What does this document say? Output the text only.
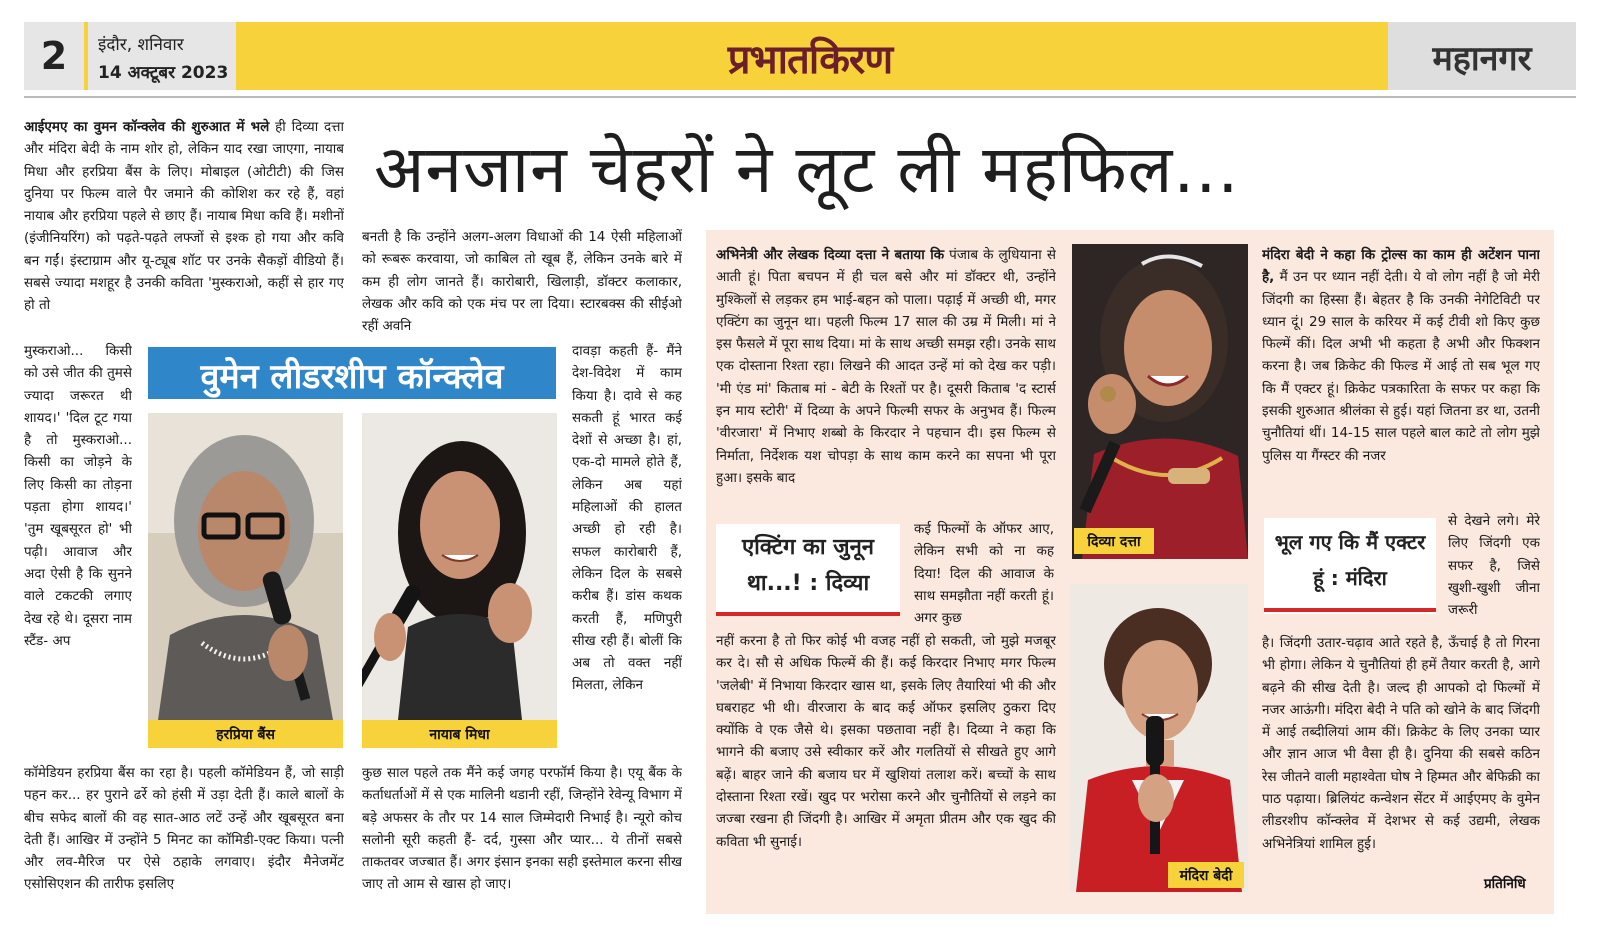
2	इंदौर, शनिवार
14 अक्टूबर 2023	प्रभातकिरण	महानगर
अनजान चेहरों ने लूट ली महफिल...

आईएमए का वुमन कॉन्क्लेव की शुरुआत में भले ही दिव्या दत्ता और मंदिरा बेदी के नाम शोर हो, लेकिन याद रखा जाएगा, नायाब मिधा और हरप्रिया बैंस के लिए। मोबाइल (ओटीटी) की जिस दुनिया पर फिल्म वाले पैर जमाने की कोशिश कर रहे हैं, वहां नायाब और हरप्रिया पहले से छाए हैं। नायाब मिधा कवि हैं। मशीनों (इंजीनियरिंग) को पढ़ते-पढ़ते लफ्जों से इश्क हो गया और कवि बन गईं। इंस्टाग्राम और यू-ट्यूब शॉट पर उनके सैकड़ों वीडियो हैं। सबसे ज्यादा मशहूर है उनकी कविता 'मुस्कराओ, कहीं से हार गए हो तो

मुस्कराओ... किसी को उसे जीत की तुमसे ज्यादा जरूरत थी शायद।' 'दिल टूट गया है तो मुस्कराओ... किसी का जोड़ने के लिए किसी का तोड़ना पड़ता होगा शायद।' 'तुम खूबसूरत हो' भी पढ़ी। आवाज और अदा ऐसी है कि सुनने वाले टकटकी लगाए देख रहे थे। दूसरा नाम स्टैंड- अप
कॉमेडियन हरप्रिया बैंस का रहा है। पहली कॉमेडियन हैं, जो साड़ी पहन कर... हर पुराने ढर्रे को हंसी में उड़ा देती हैं। काले बालों के बीच सफेद बालों की वह सात-आठ लटें उन्हें और खूबसूरत बना देती हैं। आखिर में उन्होंने 5 मिनट का कॉमिडी-एक्ट किया। पत्नी और लव-मैरिज पर ऐसे ठहाके लगवाए। इंदौर मैनेजमेंट एसोसिएशन की तारीफ इसलिए
बनती है कि उन्होंने अलग-अलग विधाओं की 14 ऐसी महिलाओं को रूबरू करवाया, जो काबिल तो खूब हैं, लेकिन उनके बारे में कम ही लोग जानते हैं। कारोबारी, खिलाड़ी, डॉक्टर कलाकार, लेखक और कवि को एक मंच पर ला दिया। स्टारबक्स की सीईओ रहीं अवनि
दावड़ा कहती हैं- मैंने देश-विदेश में काम किया है। दावे से कह सकती हूं भारत कई देशों से अच्छा है। हां, एक-दो मामले होते हैं, लेकिन अब यहां महिलाओं की हालत अच्छी हो रही है। सफल कारोबारी हैं, लेकिन दिल के सबसे करीब हैं। डांस कथक करती हैं, मणिपुरी सीख रही हैं। बोलीं कि अब तो वक्त नहीं मिलता, लेकिन
कुछ साल पहले तक मैंने कई जगह परफॉर्म किया है। एयू बैंक के कर्ताधर्ताओं में से एक मालिनी थडानी रहीं, जिन्होंने रेवेन्यू विभाग में बड़े अफसर के तौर पर 14 साल जिम्मेदारी निभाई है। न्यूरो कोच सलोनी सूरी कहती हैं- दर्द, गुस्सा और प्यार... ये तीनों सबसे ताकतवर जज्बात हैं। अगर इंसान इनका सही इस्तेमाल करना सीख जाए तो आम से खास हो जाए।
वुमेन लीडरशीप कॉन्क्लेव
हरप्रिया बैंस	नायाब मिधा

अभिनेत्री और लेखक दिव्या दत्ता ने बताया कि पंजाब के लुधियाना से आती हूं। पिता बचपन में ही चल बसे और मां डॉक्टर थी, उन्होंने मुश्किलों से लड़कर हम भाई-बहन को पाला। पढ़ाई में अच्छी थी, मगर एक्टिंग का जुनून था। पहली फिल्म 17 साल की उम्र में मिली। मां ने इस फैसले में पूरा साथ दिया। मां के साथ अच्छी समझ रही। उनके साथ एक दोस्ताना रिश्ता रहा। लिखने की आदत उन्हें मां को देख कर पड़ी। 'मी एंड मां' किताब मां - बेटी के रिश्तों पर है। दूसरी किताब 'द स्टार्स इन माय स्टोरी' में दिव्या के अपने फिल्मी सफर के अनुभव हैं। फिल्म 'वीरजारा' में निभाए शब्बो के किरदार ने पहचान दी। इस फिल्म से निर्माता, निर्देशक यश चोपड़ा के साथ काम करने का सपना भी पूरा हुआ। इसके बाद

एक्टिंग का जुनून था...! : दिव्या
कई फिल्मों के ऑफर आए, लेकिन सभी को ना कह दिया! दिल की आवाज के साथ समझौता नहीं करती हूं। अगर कुछ
नहीं करना है तो फिर कोई भी वजह नहीं हो सकती, जो मुझे मजबूर कर दे। सौ से अधिक फिल्में की हैं। कई किरदार निभाए मगर फिल्म 'जलेबी' में निभाया किरदार खास था, इसके लिए तैयारियां भी की और घबराहट भी थी। वीरजारा के बाद कई ऑफर इसलिए ठुकरा दिए क्योंकि वे एक जैसे थे। इसका पछतावा नहीं है। दिव्या ने कहा कि भागने की बजाए उसे स्वीकार करें और गलतियों से सीखते हुए आगे बढ़ें। बाहर जाने की बजाय घर में खुशियां तलाश करें। बच्चों के साथ दोस्ताना रिश्ता रखें। खुद पर भरोसा करने और चुनौतियों से लड़ने का जज्बा रखना ही जिंदगी है। आखिर में अमृता प्रीतम और एक खुद की कविता भी सुनाई।
दिव्या दत्ता
मंदिरा बेदी

मंदिरा बेदी ने कहा कि ट्रोल्स का काम ही अटेंशन पाना है, मैं उन पर ध्यान नहीं देती। ये वो लोग नहीं है जो मेरी जिंदगी का हिस्सा हैं। बेहतर है कि उनकी नेगेटिविटी पर ध्यान दूं। 29 साल के करियर में कई टीवी शो किए कुछ फिल्में कीं। दिल अभी भी कहता है अभी और फिक्शन करना है। जब क्रिकेट की फिल्ड में आई तो सब भूल गए कि मैं एक्टर हूं। क्रिकेट पत्रकारिता के सफर पर कहा कि इसकी शुरुआत श्रीलंका से हुई। यहां जितना डर था, उतनी चुनौतियां थीं। 14-15 साल पहले बाल काटे तो लोग मुझे पुलिस या गैंग्स्टर की नजर

भूल गए कि मैं एक्टर हूं : मंदिरा
से देखने लगे। मेरे लिए जिंदगी एक सफर है, जिसे खुशी-खुशी जीना जरूरी
है। जिंदगी उतार-चढ़ाव आते रहते है, ऊँचाई है तो गिरना भी होगा। लेकिन ये चुनौतियां ही हमें तैयार करती है, आगे बढ़ने की सीख देती है। जल्द ही आपको दो फिल्मों में नजर आऊंगी। मंदिरा बेदी ने पति को खोने के बाद जिंदगी में आई तब्दीलियां आम कीं। क्रिकेट के लिए उनका प्यार और ज्ञान आज भी वैसा ही है। दुनिया की सबसे कठिन रेस जीतने वाली महाश्वेता घोष ने हिम्मत और बेफिक्री का पाठ पढ़ाया। ब्रिलियंट कन्वेशन सेंटर में आईएमए के वुमेन लीडरशीप कॉन्क्लेव में देशभर से कई उद्यमी, लेखक अभिनेत्रियां शामिल हुई।
प्रतिनिधि
